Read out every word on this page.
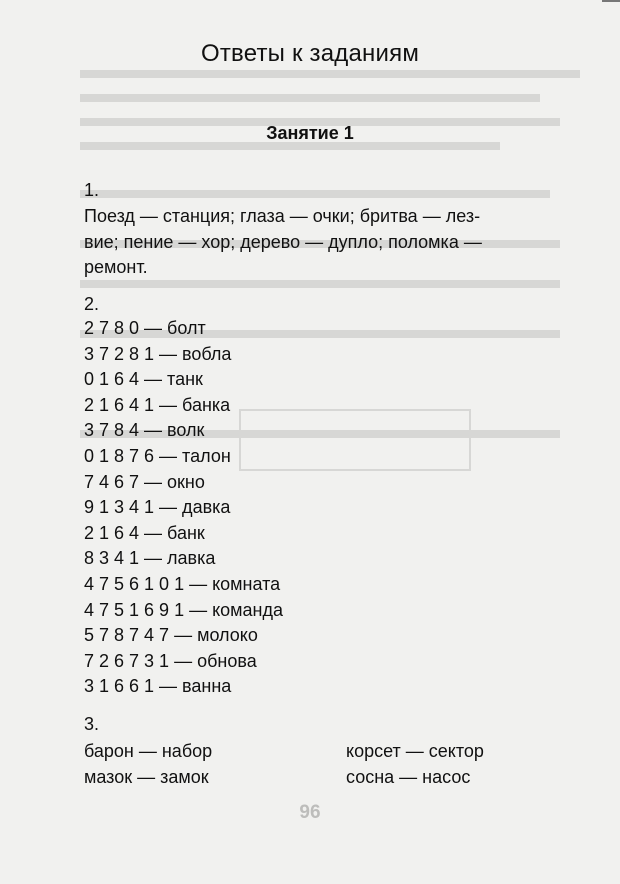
Ответы к заданиям
Занятие 1
1.
Поезд — станция; глаза — очки; бритва — лез-
вие; пение — хор; дерево — дупло; поломка —
ремонт.
2.
2 7 8 0 — болт
3 7 2 8 1 — вобла
0 1 6 4 — танк
2 1 6 4 1 — банка
3 7 8 4 — волк
0 1 8 7 6 — талон
7 4 6 7 — окно
9 1 3 4 1 — давка
2 1 6 4 — банк
8 3 4 1 — лавка
4 7 5 6 1 0 1 — комната
4 7 5 1 6 9 1 — команда
5 7 8 7 4 7 — молоко
7 2 6 7 3 1 — обнова
3 1 6 6 1 — ванна
3.
барон — набор	корсет — сектор
мазок — замок	сосна — насос
96
